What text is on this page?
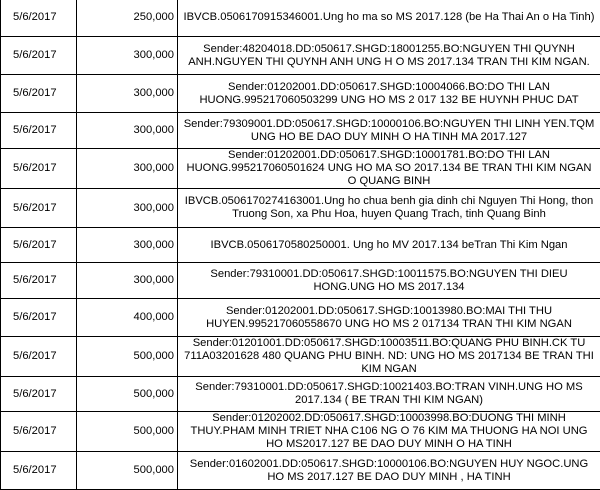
5/6/2017	250,000	IBVCB.0506170915346001.Ung ho ma so MS 2017.128 (be Ha Thai An o Ha Tinh)

5/6/2017	300,000	Sender:48204018.DD:050617.SHGD:18001255.BO:NGUYEN THI QUYNH ANH.NGUYEN THI QUYNH ANH UNG H O MS 2017.134 TRAN THI KIM NGAN.

5/6/2017	300,000	Sender:01202001.DD:050617.SHGD:10004066.BO:DO THI LAN HUONG.995217060503299 UNG HO MS 2 017 132 BE HUYNH PHUC DAT

5/6/2017	300,000	Sender:79309001.DD:050617.SHGD:10000106.BO:NGUYEN THI LINH YEN.TQM UNG HO BE DAO DUY MINH O HA TINH MA 2017.127

5/6/2017	300,000	Sender:01202001.DD:050617.SHGD:10001781.BO:DO THI LAN HUONG.995217060501624 UNG HO MA SO 2017.134 BE TRAN THI KIM NGAN O QUANG BINH

5/6/2017	300,000	IBVCB.0506170274163001.Ung ho chua benh gia dinh chi Nguyen Thi Hong, thon Truong Son, xa Phu Hoa, huyen Quang Trach, tinh Quang Binh

5/6/2017	300,000	IBVCB.0506170580250001. Ung ho MV 2017.134 beTran Thi Kim Ngan

5/6/2017	300,000	Sender:79310001.DD:050617.SHGD:10011575.BO:NGUYEN THI DIEU HONG.UNG HO MS 2017.134

5/6/2017	400,000	Sender:01202001.DD:050617.SHGD:10013980.BO:MAI THI THU HUYEN.995217060558670 UNG HO MS 2 017134 TRAN THI KIM NGAN

5/6/2017	500,000	Sender:01201001.DD:050617.SHGD:10003511.BO:QUANG PHU BINH.CK TU 711A03201628 480 QUANG PHU BINH. ND: UNG HO MS 2017134 BE TRAN THI KIM NGAN

5/6/2017	500,000	Sender:79310001.DD:050617.SHGD:10021403.BO:TRAN VINH.UNG HO MS 2017.134 ( BE TRAN THI KIM NGAN)

5/6/2017	500,000	Sender:01202002.DD:050617.SHGD:10003998.BO:DUONG THI MINH THUY.PHAM MINH TRIET NHA C106 NG O 76 KIM MA THUONG HA NOI UNG HO MS2017.127 BE DAO DUY MINH O HA TINH

5/6/2017	500,000	Sender:01602001.DD:050617.SHGD:10000106.BO:NGUYEN HUY NGOC.UNG HO MS 2017.127 BE DAO DUY MINH , HA TINH
